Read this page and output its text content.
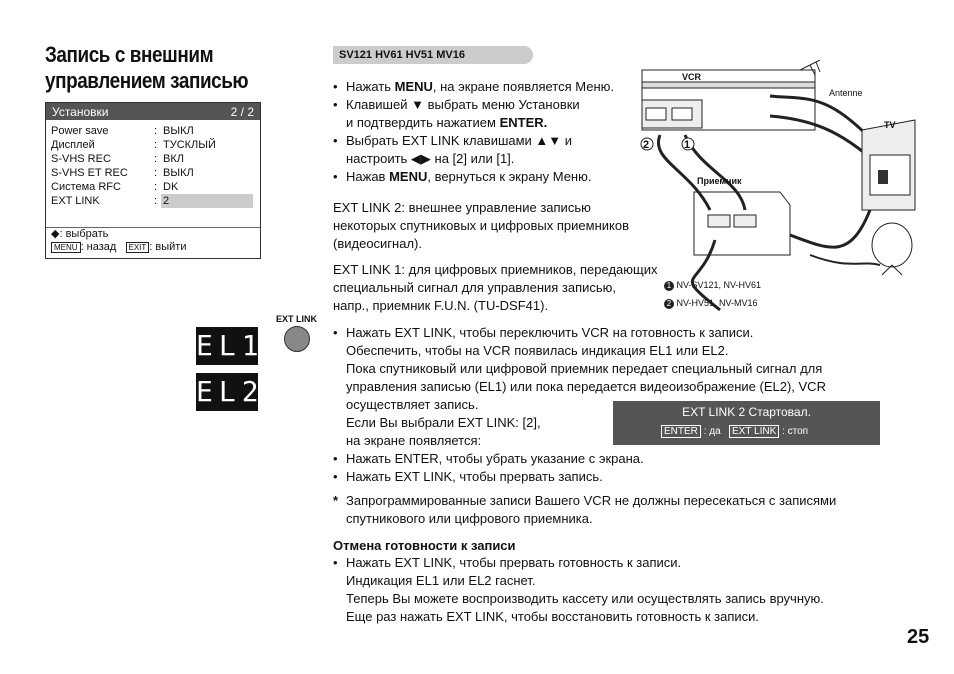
Запись с внешним управлением записью
Установки	2 / 2
Power save	: ВЫКЛ
Дисплей	: ТУСКЛЫЙ
S-VHS REC	: ВКЛ
S-VHS ET REC : ВЫКЛ
Система RFC	: DK
EXT LINK	: 2
◆: выбрать
MENU : назад EXIT : выйти
SV121 HV61 HV51 MV16
• Нажать MENU, на экране появляется Меню.
• Клавишей ▼ выбрать меню Установки
и подтвердить нажатием ENTER.
• Выбрать EXT LINK клавишами ▲▼ и
настроить ◀▶ на [2] или [1].
• Нажав MENU, вернуться к экрану Меню.
EXT LINK 2: внешнее управление записью
некоторых спутниковых и цифровых приемников
(видеосигнал).
EXT LINK 1: для цифровых приемников, передающих
специальный сигнал для управления записью,
напр., приемник F.U.N. (TU-DSF41).
VCR
Antenne
TV
Приемник
2	1
1 NV-SV121, NV-HV61
2 NV-HV51, NV-MV16
EXT LINK
EL1
EL2
• Нажать EXT LINK, чтобы переключить VCR на готовность к записи.
Обеспечить, чтобы на VCR появилась индикация EL1 или EL2.
Пока спутниковый или цифровой приемник передает специальный сигнал для
управления записью (EL1) или пока передается видеоизображение (EL2), VCR
осуществляет запись.
Если Вы выбрали EXT LINK: [2],
на экране появляется:
• Нажать ENTER, чтобы убрать указание с экрана.
• Нажать EXT LINK, чтобы прервать запись.
EXT LINK 2 Стартовал.
ENTER : да EXT LINK : стоп
* Запрограммированные записи Вашего VCR не должны пересекаться с записями
спутникового или цифрового приемника.
Отмена готовности к записи
• Нажать EXT LINK, чтобы прервать готовность к записи.
Индикация EL1 или EL2 гаснет.
Теперь Вы можете воспроизводить кассету или осуществлять запись вручную.
Еще раз нажать EXT LINK, чтобы восстановить готовность к записи.
25
